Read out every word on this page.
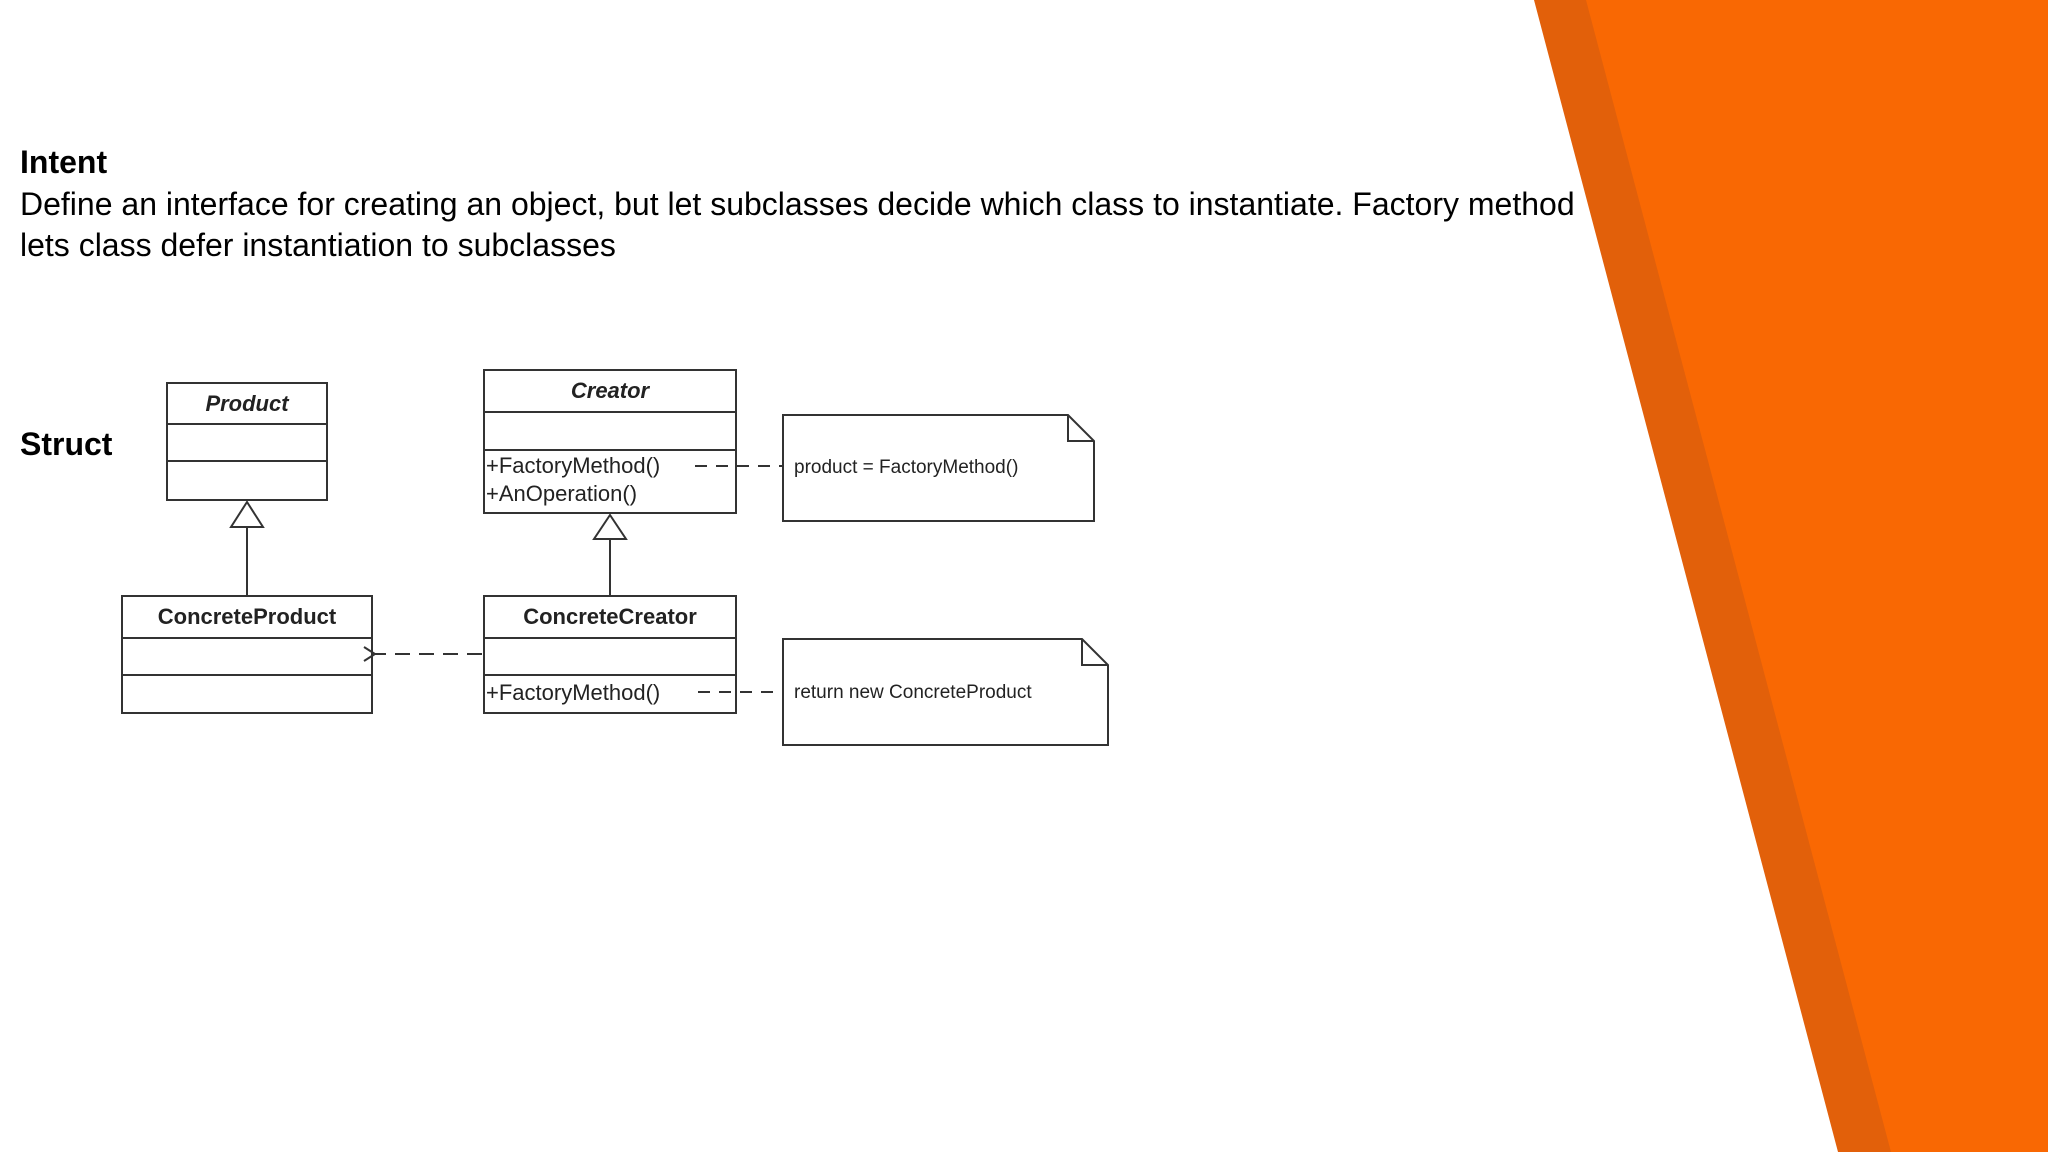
Intent
Define an interface for creating an object, but let subclasses decide which class to instantiate. Factory method lets class defer instantiation to subclasses
Struct
Product
ConcreteProduct
Creator
+FactoryMethod()
+AnOperation()
product = FactoryMethod()
ConcreteCreator
+FactoryMethod()	return new ConcreteProduct
